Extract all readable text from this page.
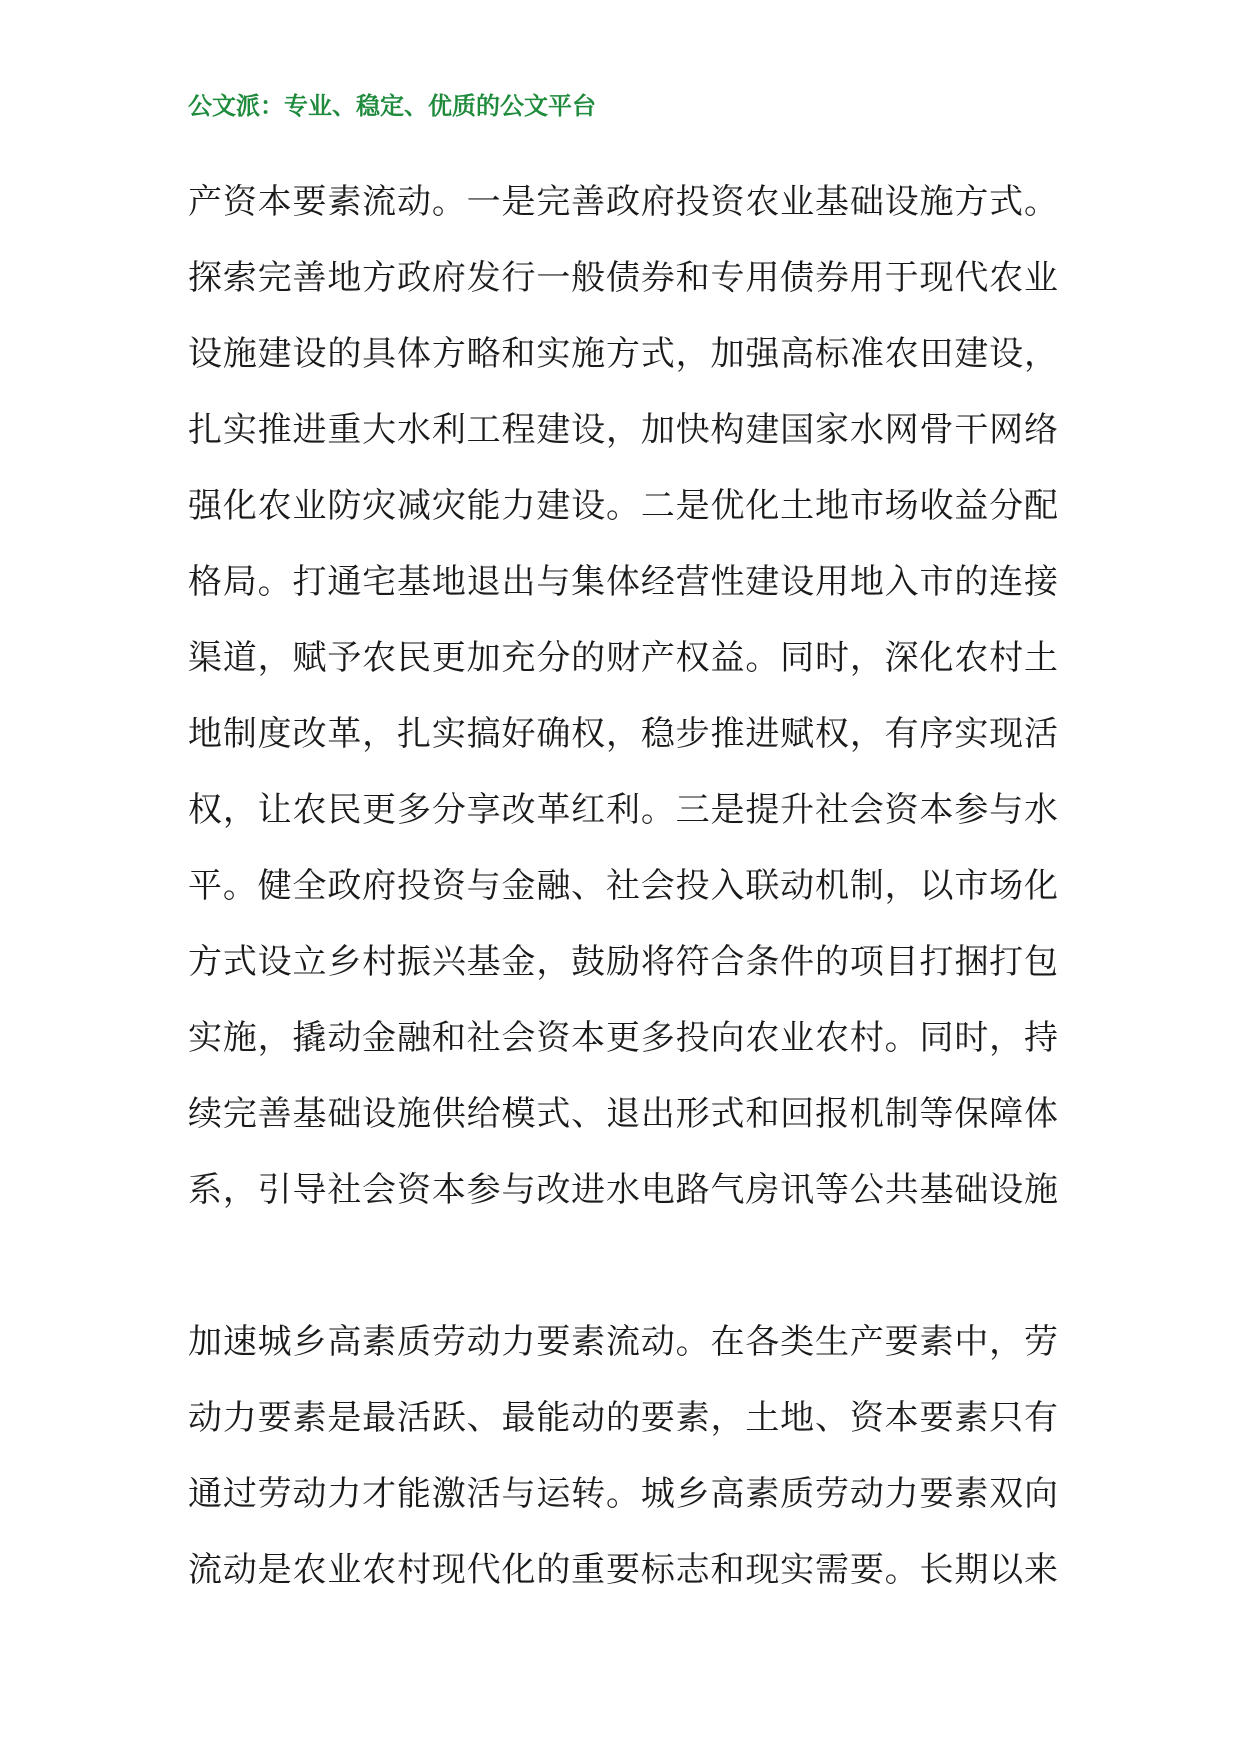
公文派：专业、稳定、优质的公文平台
产资本要素流动。一是完善政府投资农业基础设施方式。
探索完善地方政府发行一般债券和专用债券用于现代农业
设施建设的具体方略和实施方式，加强高标准农田建设，
扎实推进重大水利工程建设，加快构建国家水网骨干网络
强化农业防灾减灾能力建设。二是优化土地市场收益分配
格局。打通宅基地退出与集体经营性建设用地入市的连接
渠道，赋予农民更加充分的财产权益。同时，深化农村土
地制度改革，扎实搞好确权，稳步推进赋权，有序实现活
权，让农民更多分享改革红利。三是提升社会资本参与水
平。健全政府投资与金融、社会投入联动机制，以市场化
方式设立乡村振兴基金，鼓励将符合条件的项目打捆打包
实施，撬动金融和社会资本更多投向农业农村。同时，持
续完善基础设施供给模式、退出形式和回报机制等保障体
系，引导社会资本参与改进水电路气房讯等公共基础设施
加速城乡高素质劳动力要素流动。在各类生产要素中，劳
动力要素是最活跃、最能动的要素，土地、资本要素只有
通过劳动力才能激活与运转。城乡高素质劳动力要素双向
流动是农业农村现代化的重要标志和现实需要。长期以来
